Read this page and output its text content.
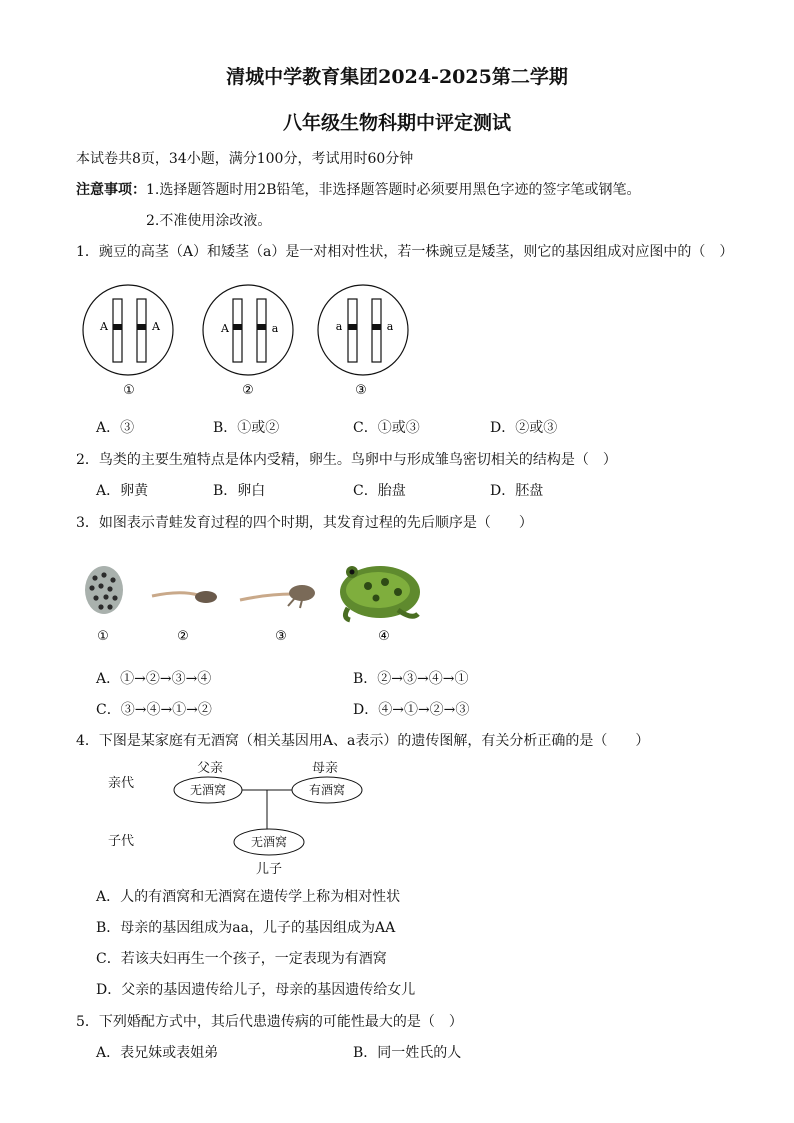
清城中学教育集团2024-2025第二学期
八年级生物科期中评定测试
本试卷共8页，34小题，满分100分，考试用时60分钟
注意事项：1.选择题答题时用2B铅笔，非选择题答题时必须要用黑色字迹的签字笔或钢笔。
2.不准使用涂改液。
1．豌豆的高茎（A）和矮茎（a）是一对相对性状，若一株豌豆是矮茎，则它的基因组成对应图中的（　）
A	A
①
A	a
②
a	a
③
A．③	B．①或②	C．①或③	D．②或③
2．鸟类的主要生殖特点是体内受精，卵生。鸟卵中与形成雏鸟密切相关的结构是（　）
A．卵黄	B．卵白	C．胎盘	D．胚盘
3．如图表示青蛙发育过程的四个时期，其发育过程的先后顺序是（　　）
①	②	③	④
A．①→②→③→④	B．②→③→④→①
C．③→④→①→②	D．④→①→②→③
4．下图是某家庭有无酒窝（相关基因用A、a表示）的遗传图解，有关分析正确的是（　　）
亲代
子代
父亲	母亲
儿子
无酒窝	有酒窝
无酒窝
A．人的有酒窝和无酒窝在遗传学上称为相对性状
B．母亲的基因组成为aa，儿子的基因组成为AA
C．若该夫妇再生一个孩子，一定表现为有酒窝
D．父亲的基因遗传给儿子，母亲的基因遗传给女儿
5．下列婚配方式中，其后代患遗传病的可能性最大的是（　）
A．表兄妹或表姐弟	B．同一姓氏的人
